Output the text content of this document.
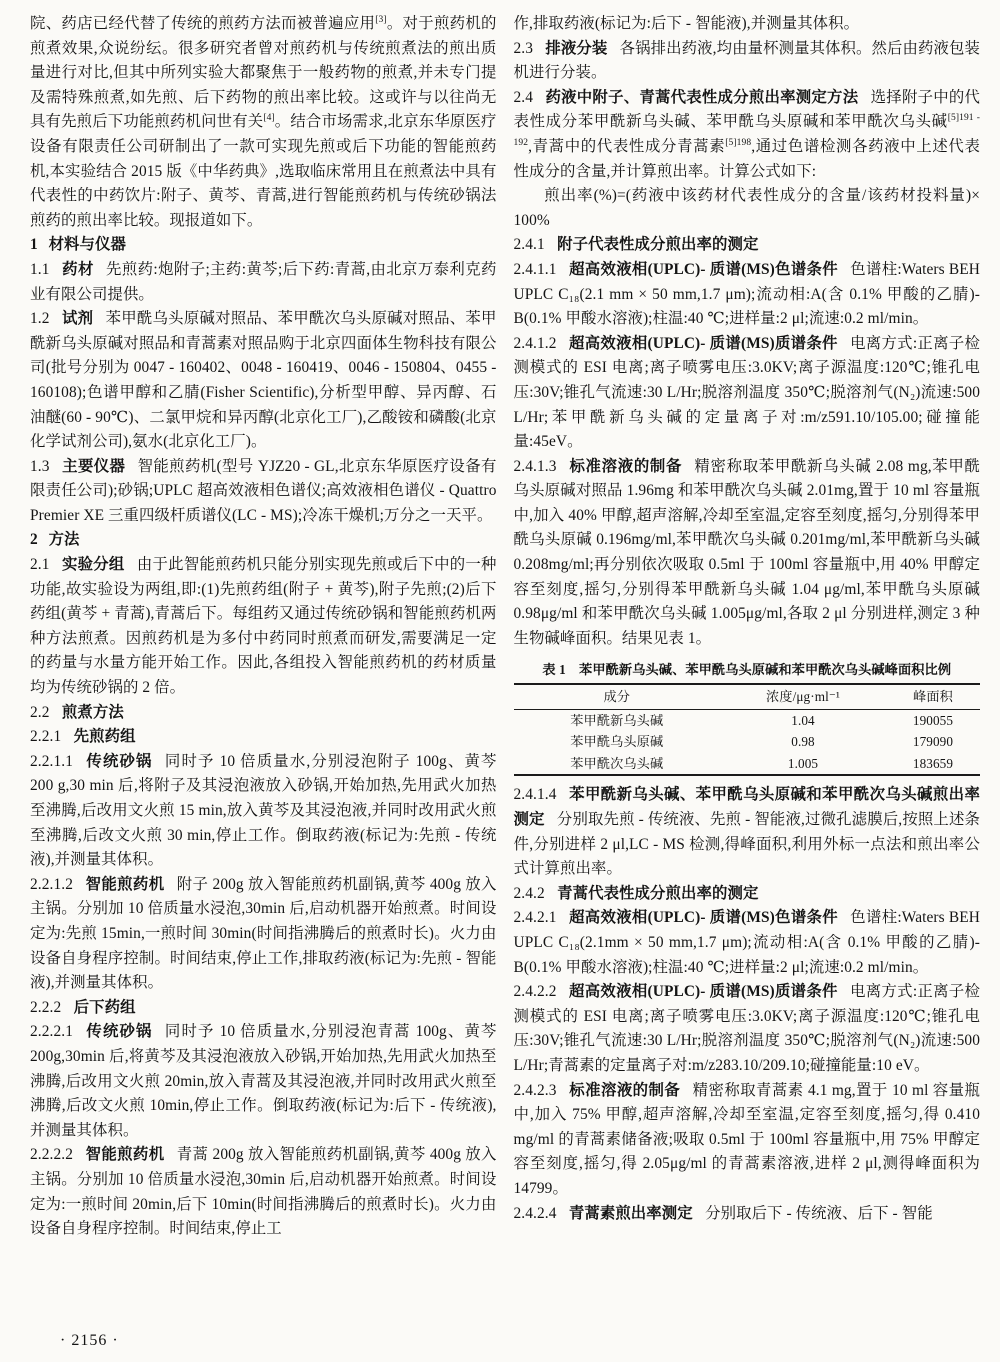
院、药店已经代替了传统的煎药方法而被普遍应用[3]。对于煎药机的煎煮效果,众说纷纭。很多研究者曾对煎药机与传统煎煮法的煎出质量进行对比,但其中所列实验大都聚焦于一般药物的煎煮,并未专门提及需特殊煎煮,如先煎、后下药物的煎出率比较。这或许与以往尚无具有先煎后下功能煎药机问世有关[4]。结合市场需求,北京东华原医疗设备有限责任公司研制出了一款可实现先煎或后下功能的智能煎药机,本实验结合 2015 版《中华药典》,选取临床常用且在煎煮法中具有代表性的中药饮片:附子、黄芩、青蒿,进行智能煎药机与传统砂锅法煎药的煎出率比较。现报道如下。

1 材料与仪器

1.1 药材 先煎药:炮附子;主药:黄芩;后下药:青蒿,由北京万泰利克药业有限公司提供。

1.2 试剂 苯甲酰乌头原碱对照品、苯甲酰次乌头原碱对照品、苯甲酰新乌头原碱对照品和青蒿素对照品购于北京四面体生物科技有限公司(批号分别为 0047 - 160402、0048 - 160419、0046 - 150804、0455 - 160108);色谱甲醇和乙腈(Fisher Scientific),分析型甲醇、异丙醇、石油醚(60 - 90℃)、二氯甲烷和异丙醇(北京化工厂),乙酸铵和磷酸(北京化学试剂公司),氨水(北京化工厂)。

1.3 主要仪器 智能煎药机(型号 YJZ20 - GL,北京东华原医疗设备有限责任公司);砂锅;UPLC 超高效液相色谱仪;高效液相色谱仪 - Quattro Premier XE 三重四级杆质谱仪(LC - MS);冷冻干燥机;万分之一天平。

2 方法

2.1 实验分组 由于此智能煎药机只能分别实现先煎或后下中的一种功能,故实验设为两组,即:(1)先煎药组(附子 + 黄芩),附子先煎;(2)后下药组(黄芩 + 青蒿),青蒿后下。每组药又通过传统砂锅和智能煎药机两种方法煎煮。因煎药机是为多付中药同时煎煮而研发,需要满足一定的药量与水量方能开始工作。因此,各组投入智能煎药机的药材质量均为传统砂锅的 2 倍。

2.2 煎煮方法

2.2.1 先煎药组

2.2.1.1 传统砂锅 同时予 10 倍质量水,分别浸泡附子 100g、黄芩 200 g,30 min 后,将附子及其浸泡液放入砂锅,开始加热,先用武火加热至沸腾,后改用文火煎 15 min,放入黄芩及其浸泡液,并同时改用武火煎至沸腾,后改文火煎 30 min,停止工作。倒取药液(标记为:先煎 - 传统液),并测量其体积。

2.2.1.2 智能煎药机 附子 200g 放入智能煎药机副锅,黄芩 400g 放入主锅。分别加 10 倍质量水浸泡,30min 后,启动机器开始煎煮。时间设定为:先煎 15min,一煎时间 30min(时间指沸腾后的煎煮时长)。火力由设备自身程序控制。时间结束,停止工作,排取药液(标记为:先煎 - 智能液),并测量其体积。

2.2.2 后下药组

2.2.2.1 传统砂锅 同时予 10 倍质量水,分别浸泡青蒿 100g、黄芩 200g,30min 后,将黄芩及其浸泡液放入砂锅,开始加热,先用武火加热至沸腾,后改用文火煎 20min,放入青蒿及其浸泡液,并同时改用武火煎至沸腾,后改文火煎 10min,停止工作。倒取药液(标记为:后下 - 传统液),并测量其体积。

2.2.2.2 智能煎药机 青蒿 200g 放入智能煎药机副锅,黄芩 400g 放入主锅。分别加 10 倍质量水浸泡,30min 后,启动机器开始煎煮。时间设定为:一煎时间 20min,后下 10min(时间指沸腾后的煎煮时长)。火力由设备自身程序控制。时间结束,停止工

作,排取药液(标记为:后下 - 智能液),并测量其体积。

2.3 排液分装 各锅排出药液,均由量杯测量其体积。然后由药液包装机进行分装。

2.4 药液中附子、青蒿代表性成分煎出率测定方法 选择附子中的代表性成分苯甲酰新乌头碱、苯甲酰乌头原碱和苯甲酰次乌头碱$^{[5]191 - 192}$,青蒿中的代表性成分青蒿素$^{[5]198}$,通过色谱检测各药液中上述代表性成分的含量,并计算煎出率。计算公式如下:

煎出率(%)=(药液中该药材代表性成分的含量/该药材投料量)× 100%

2.4.1 附子代表性成分煎出率的测定

2.4.1.1 超高效液相(UPLC)- 质谱(MS)色谱条件 色谱柱:Waters BEH UPLC C₁₈(2.1 mm × 50 mm,1.7 μm);流动相:A(含 0.1% 甲酸的乙腈)- B(0.1% 甲酸水溶液);柱温:40 ℃;进样量:2 μl;流速:0.2 ml/min。

2.4.1.2 超高效液相(UPLC)- 质谱(MS)质谱条件 电离方式:正离子检测模式的 ESI 电离;离子喷雾电压:3.0KV;离子源温度:120℃;锥孔电压:30V;锥孔气流速:30 L/Hr;脱溶剂温度 350℃;脱溶剂气(N₂)流速:500 L/Hr;苯甲酰新乌头碱的定量离子对:m/z591.10/105.00;碰撞能量:45eV。

2.4.1.3 标准溶液的制备 精密称取苯甲酰新乌头碱 2.08 mg,苯甲酰乌头原碱对照品 1.96mg 和苯甲酰次乌头碱 2.01mg,置于 10 ml 容量瓶中,加入 40% 甲醇,超声溶解,冷却至室温,定容至刻度,摇匀,分别得苯甲酰乌头原碱 0.196mg/ml,苯甲酰次乌头碱 0.201mg/ml,苯甲酰新乌头碱 0.208mg/ml;再分别依次吸取 0.5ml 于 100ml 容量瓶中,用 40% 甲醇定容至刻度,摇匀,分别得苯甲酰新乌头碱 1.04 μg/ml,苯甲酰乌头原碱 0.98μg/ml 和苯甲酰次乌头碱 1.005μg/ml,各取 2 μl 分别进样,测定 3 种生物碱峰面积。结果见表 1。

表 1　苯甲酰新乌头碱、苯甲酰乌头原碱和苯甲酰次乌头碱峰面积比例

成分	浓度/μg·ml⁻¹	峰面积
苯甲酰新乌头碱	1.04	190055
苯甲酰乌头原碱	0.98	179090
苯甲酰次乌头碱	1.005	183659

2.4.1.4 苯甲酰新乌头碱、苯甲酰乌头原碱和苯甲酰次乌头碱煎出率测定 分别取先煎 - 传统液、先煎 - 智能液,过微孔滤膜后,按照上述条件,分别进样 2 μl,LC - MS 检测,得峰面积,利用外标一点法和煎出率公式计算煎出率。

2.4.2 青蒿代表性成分煎出率的测定

2.4.2.1 超高效液相(UPLC)- 质谱(MS)色谱条件 色谱柱:Waters BEH UPLC C₁₈(2.1mm × 50 mm,1.7 μm);流动相:A(含 0.1% 甲酸的乙腈)- B(0.1% 甲酸水溶液);柱温:40 ℃;进样量:2 μl;流速:0.2 ml/min。

2.4.2.2 超高效液相(UPLC)- 质谱(MS)质谱条件 电离方式:正离子检测模式的 ESI 电离;离子喷雾电压:3.0KV;离子源温度:120℃;锥孔电压:30V;锥孔气流速:30 L/Hr;脱溶剂温度 350℃;脱溶剂气(N₂)流速:500 L/Hr;青蒿素的定量离子对:m/z283.10/209.10;碰撞能量:10 eV。

2.4.2.3 标准溶液的制备 精密称取青蒿素 4.1 mg,置于 10 ml 容量瓶中,加入 75% 甲醇,超声溶解,冷却至室温,定容至刻度,摇匀,得 0.410 mg/ml 的青蒿素储备液;吸取 0.5ml 于 100ml 容量瓶中,用 75% 甲醇定容至刻度,摇匀,得 2.05μg/ml 的青蒿素溶液,进样 2 μl,测得峰面积为 14799。

2.4.2.4 青蒿素煎出率测定 分别取后下 - 传统液、后下 - 智能

· 2156 ·
